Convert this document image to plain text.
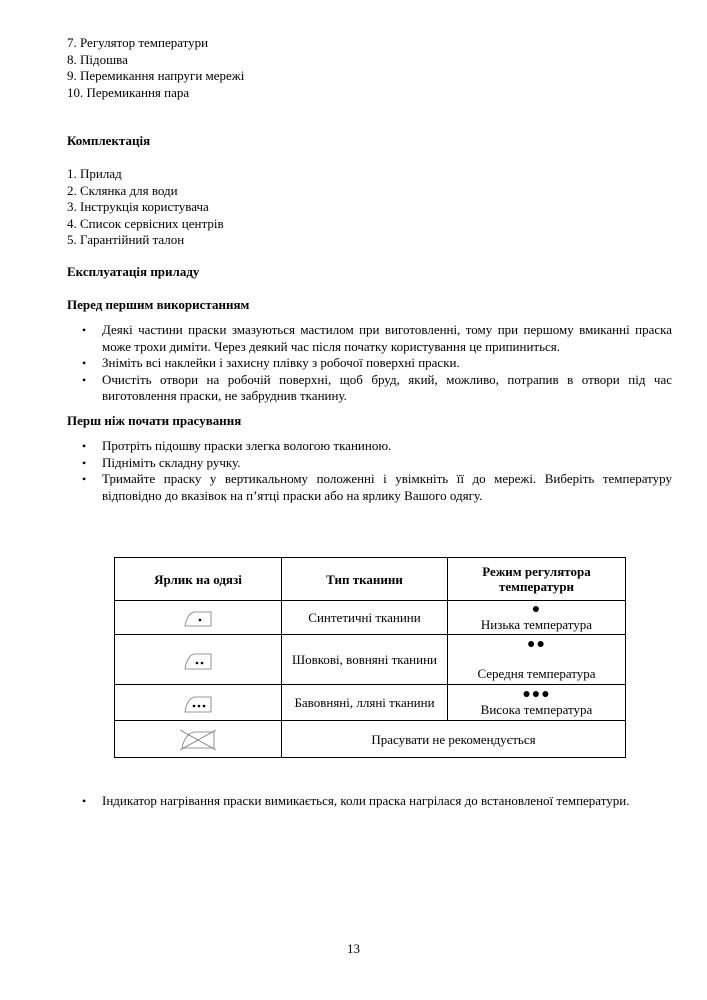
7. Регулятор температури
8. Підошва
9. Перемикання напруги мережі
10. Перемикання пара
Комплектація
1. Прилад
2. Склянка для води
3. Інструкція користувача
4. Список сервісних центрів
5. Гарантійний талон
Експлуатація приладу
Перед першим використанням
• Деякі частини праски змазуються мастилом при виготовленні, тому при першому вмиканні праска може трохи диміти. Через деякий час після початку користування це припиниться.
• Зніміть всі наклейки і захисну плівку з робочої поверхні праски.
• Очистіть отвори на робочій поверхні, щоб бруд, який, можливо, потрапив в отвори під час виготовлення праски, не забруднив тканину.
Перш ніж почати прасування
• Протріть підошву праски злегка вологою тканиною.
• Підніміть складну ручку.
• Тримайте праску у вертикальному положенні і увімкніть її до мережі. Виберіть температуру відповідно до вказівок на п’ятці праски або на ярлику Вашого одягу.
Ярлик на одязі	Тип тканини	Режим регулятора температури

	Синтетичні тканини	●
Низька температура

	Шовкові, вовняні тканини	●●
Середня температура

	Бавовняні, лляні тканини	●●●
Висока температура

	Прасувати не рекомендується	
• Індикатор нагрівання праски вимикається, коли праска нагрілася до встановленої температури.
13
